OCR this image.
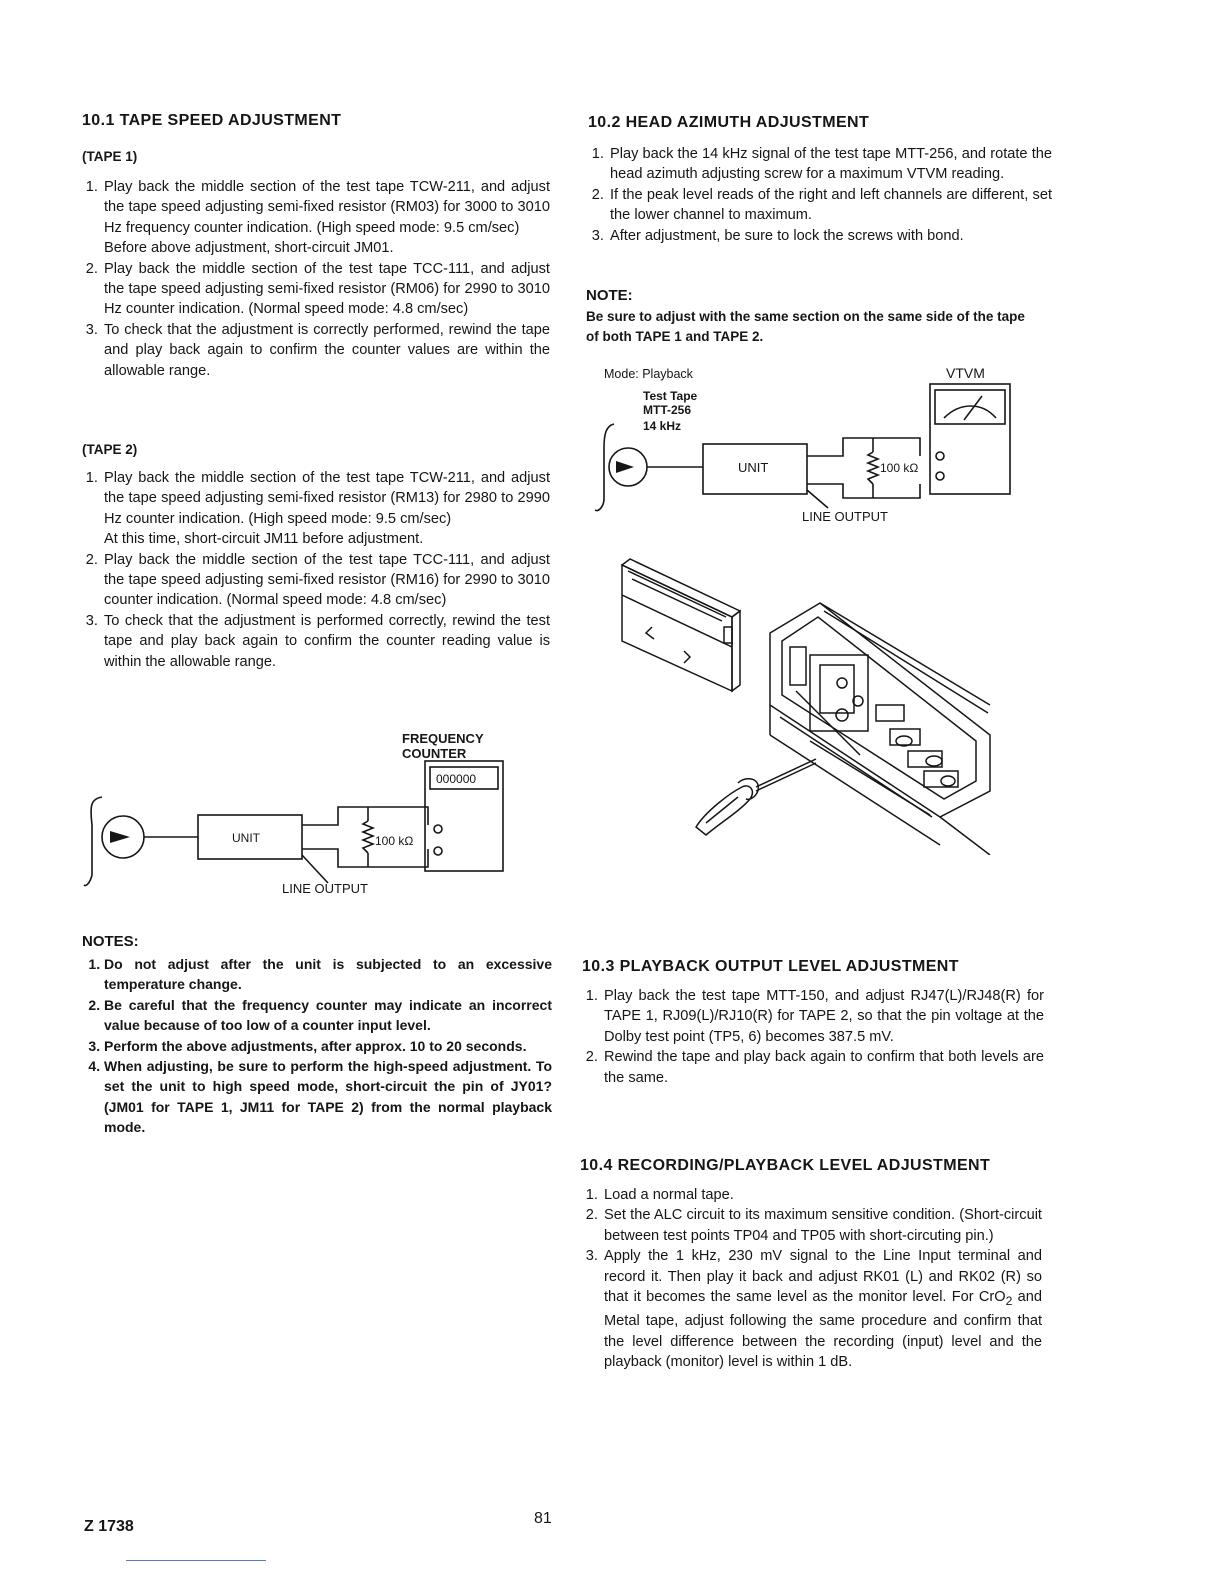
10.1 TAPE SPEED ADJUSTMENT
(TAPE 1)
1. Play back the middle section of the test tape TCW-211, and adjust the tape speed adjusting semi-fixed resistor (RM03) for 3000 to 3010 Hz frequency counter indication. (High speed mode: 9.5 cm/sec)
Before above adjustment, short-circuit JM01.
2. Play back the middle section of the test tape TCC-111, and adjust the tape speed adjusting semi-fixed resistor (RM06) for 2990 to 3010 Hz counter indication. (Normal speed mode: 4.8 cm/sec)
3. To check that the adjustment is correctly performed, rewind the tape and play back again to confirm the counter values are within the allowable range.
(TAPE 2)
1. Play back the middle section of the test tape TCW-211, and adjust the tape speed adjusting semi-fixed resistor (RM13) for 2980 to 2990 Hz counter indication. (High speed mode: 9.5 cm/sec)
At this time, short-circuit JM11 before adjustment.
2. Play back the middle section of the test tape TCC-111, and adjust the tape speed adjusting semi-fixed resistor (RM16) for 2990 to 3010 counter indication. (Normal speed mode: 4.8 cm/sec)
3. To check that the adjustment is performed correctly, rewind the test tape and play back again to confirm the counter reading value is within the allowable range.
FREQUENCY
COUNTER
000000
UNIT	100 kΩ
LINE OUTPUT
NOTES:
1. Do not adjust after the unit is subjected to an excessive temperature change.
2. Be careful that the frequency counter may indicate an incorrect value because of too low of a counter input level.
3. Perform the above adjustments, after approx. 10 to 20 seconds.
4. When adjusting, be sure to perform the high-speed adjustment. To set the unit to high speed mode, short-circuit the pin of JY01? (JM01 for TAPE 1, JM11 for TAPE 2) from the normal playback mode.
10.2 HEAD AZIMUTH ADJUSTMENT
1. Play back the 14 kHz signal of the test tape MTT-256, and rotate the head azimuth adjusting screw for a maximum VTVM reading.
2. If the peak level reads of the right and left channels are different, set the lower channel to maximum.
3. After adjustment, be sure to lock the screws with bond.
NOTE:

Be sure to adjust with the same section on the same side of the tape of both TAPE 1 and TAPE 2.

Mode: Playback	VTVM
Test Tape
MTT-256
14 kHz
UNIT	100 kΩ
LINE OUTPUT
10.3 PLAYBACK OUTPUT LEVEL ADJUSTMENT
1. Play back the test tape MTT-150, and adjust RJ47(L)/RJ48(R) for TAPE 1, RJ09(L)/RJ10(R) for TAPE 2, so that the pin voltage at the Dolby test point (TP5, 6) becomes 387.5 mV.
2. Rewind the tape and play back again to confirm that both levels are the same.
10.4 RECORDING/PLAYBACK LEVEL ADJUSTMENT
1. Load a normal tape.
2. Set the ALC circuit to its maximum sensitive condition. (Short-circuit between test points TP04 and TP05 with short-circuting pin.)
3. Apply the 1 kHz, 230 mV signal to the Line Input terminal and record it. Then play it back and adjust RK01 (L) and RK02 (R) so that it becomes the same level as the monitor level. For CrO$_2$ and Metal tape, adjust following the same procedure and confirm that the level difference between the recording (input) level and the playback (monitor) level is within 1 dB.
Z 1738	81
